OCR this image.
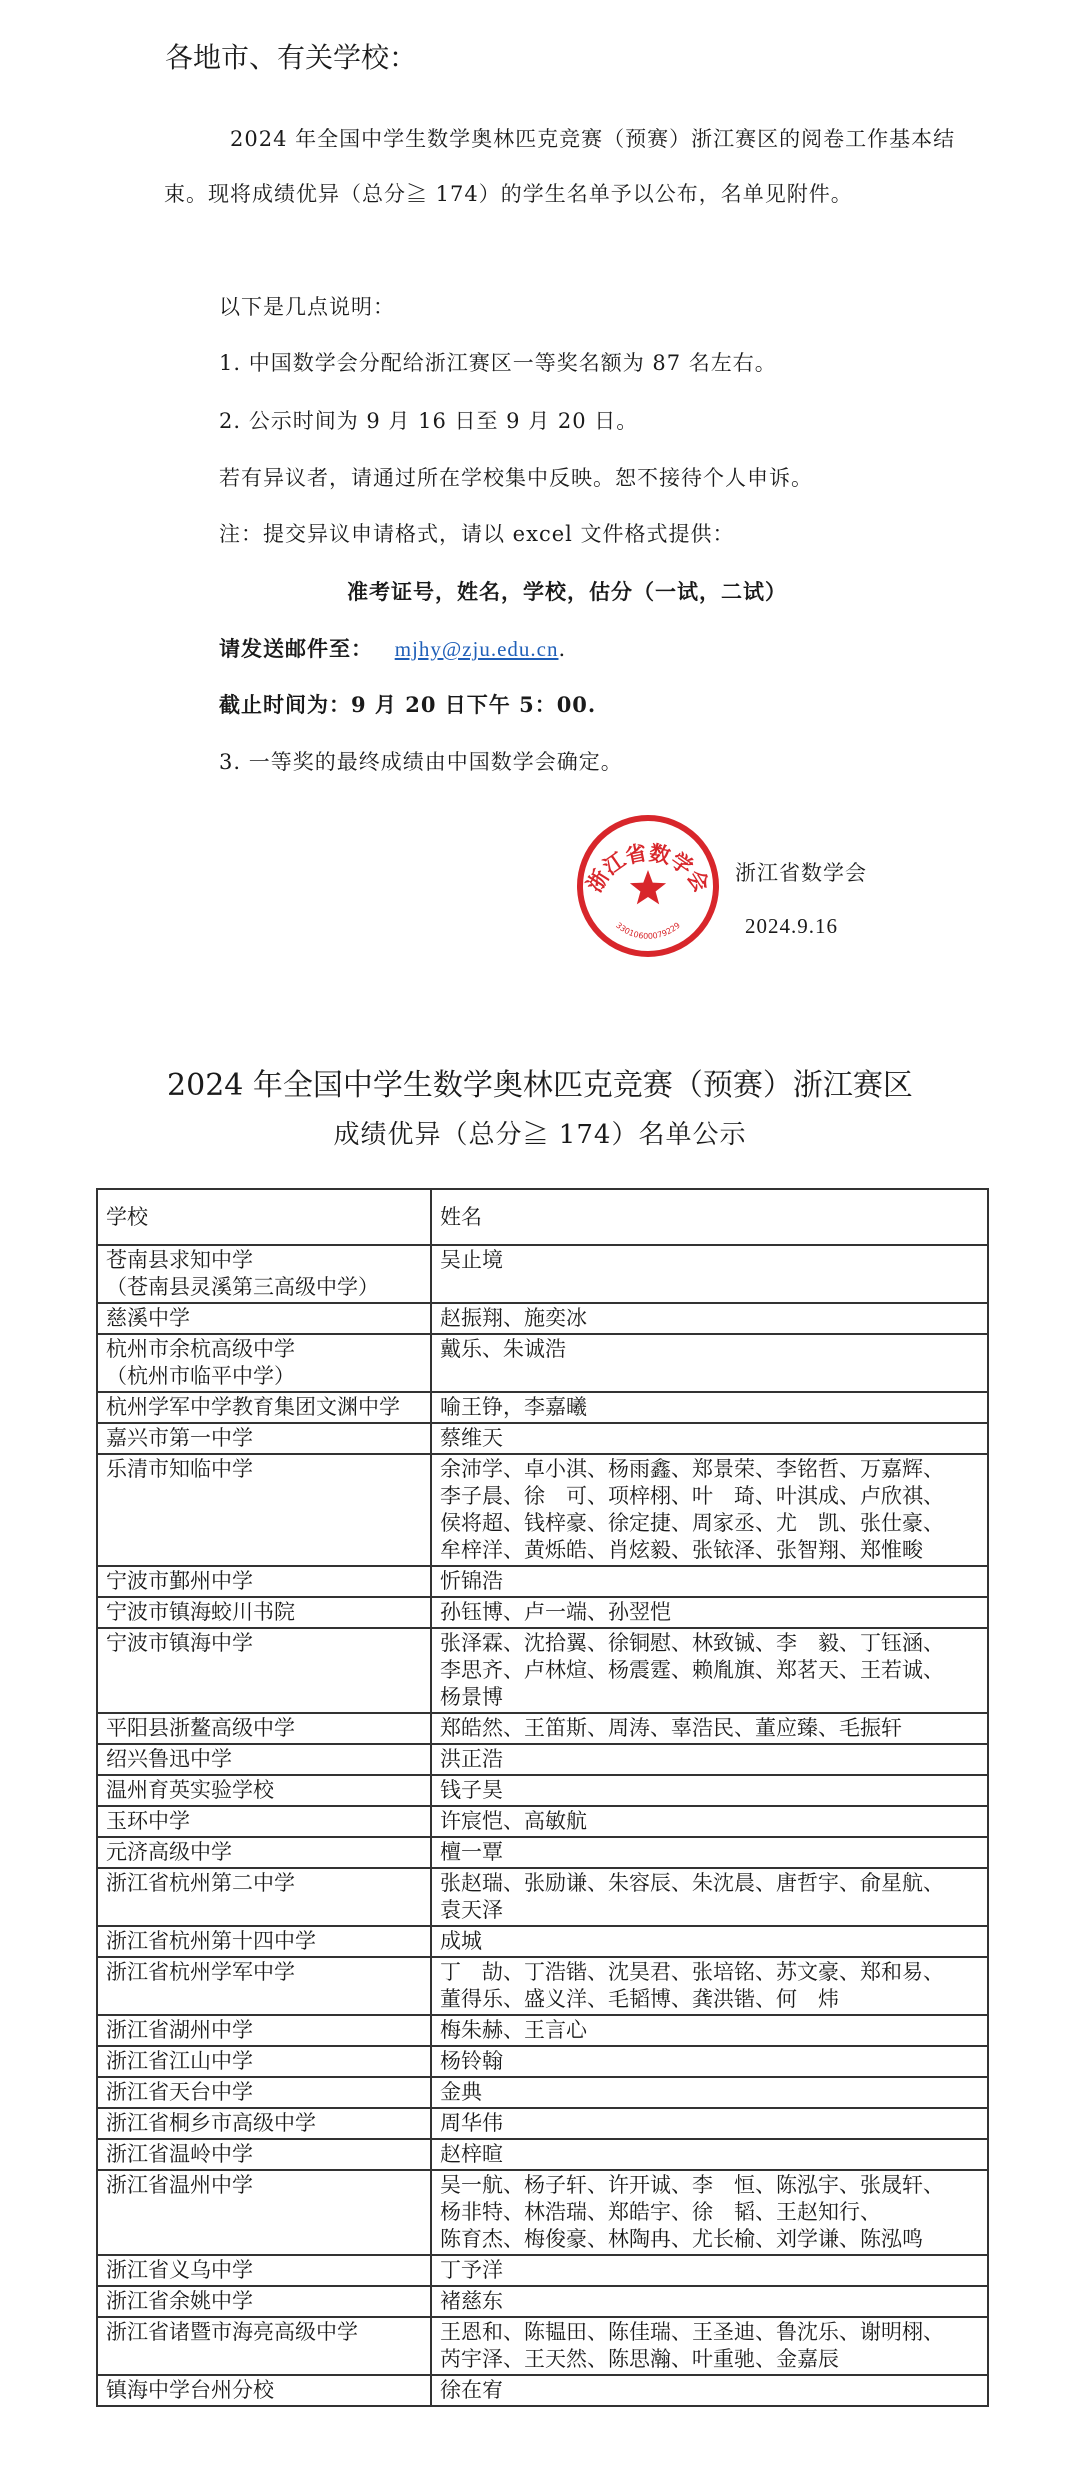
各地市、有关学校：
2024 年全国中学生数学奥林匹克竞赛（预赛）浙江赛区的阅卷工作基本结
束。现将成绩优异（总分≧ 174）的学生名单予以公布，名单见附件。
以下是几点说明：
1. 中国数学会分配给浙江赛区一等奖名额为 87 名左右。
2. 公示时间为 9 月 16 日至 9 月 20 日。
若有异议者，请通过所在学校集中反映。恕不接待个人申诉。
注：提交异议申请格式，请以 excel 文件格式提供：
准考证号，姓名，学校，估分（一试，二试）
请发送邮件至： mjhy@zju.edu.cn.
截止时间为：9 月 20 日下午 5：00.
3. 一等奖的最终成绩由中国数学会确定。
浙江省数学会
33010600079229
浙江省数学会
2024.9.16
2024 年全国中学生数学奥林匹克竞赛（预赛）浙江赛区
成绩优异（总分≧ 174）名单公示
学校	姓名
苍南县求知中学
（苍南县灵溪第三高级中学）	吴止境
慈溪中学	赵振翔、施奕冰
杭州市余杭高级中学
（杭州市临平中学）	戴乐、朱诚浩
杭州学军中学教育集团文渊中学	喻王铮，李嘉曦
嘉兴市第一中学	蔡维天
乐清市知临中学	余沛学、卓小淇、杨雨鑫、郑景荣、李铭哲、万嘉辉、
李子晨、徐　可、项梓栩、叶　琦、叶淇成、卢欣祺、
侯将超、钱梓豪、徐定捷、周家丞、尤　凯、张仕豪、
牟梓洋、黄烁皓、肖炫毅、张铱泽、张智翔、郑惟畯
宁波市鄞州中学	忻锦浩
宁波市镇海蛟川书院	孙钰博、卢一端、孙翌恺
宁波市镇海中学	张泽霖、沈拾翼、徐铜慰、林致铖、李　毅、丁钰涵、
李思齐、卢林煊、杨震霆、赖胤旗、郑茗天、王若诚、
杨景博
平阳县浙鳌高级中学	郑皓然、王笛斯、周涛、辜浩民、董应臻、毛振轩
绍兴鲁迅中学	洪正浩
温州育英实验学校	钱子昊
玉环中学	许宸恺、高敏航
元济高级中学	檀一覃
浙江省杭州第二中学	张赵瑞、张励谦、朱容辰、朱沈晨、唐哲宇、俞星航、
袁天泽
浙江省杭州第十四中学	成城
浙江省杭州学军中学	丁　劼、丁浩锴、沈昊君、张培铭、苏文豪、郑和易、
董得乐、盛义洋、毛韬博、龚洪锴、何　炜
浙江省湖州中学	梅朱赫、王言心
浙江省江山中学	杨铃翰
浙江省天台中学	金典
浙江省桐乡市高级中学	周华伟
浙江省温岭中学	赵梓暄
浙江省温州中学	吴一航、杨子轩、许开诚、李　恒、陈泓宇、张晟轩、
杨非特、林浩瑞、郑皓宇、徐　韬、王赵知行、
陈育杰、梅俊豪、林陶冉、尤长榆、刘学谦、陈泓鸣
浙江省义乌中学	丁予洋
浙江省余姚中学	褚慈东
浙江省诸暨市海亮高级中学	王恩和、陈韫田、陈佳瑞、王圣迪、鲁沈乐、谢明栩、
芮宇泽、王天然、陈思瀚、叶重驰、金嘉辰
镇海中学台州分校	徐在宥
